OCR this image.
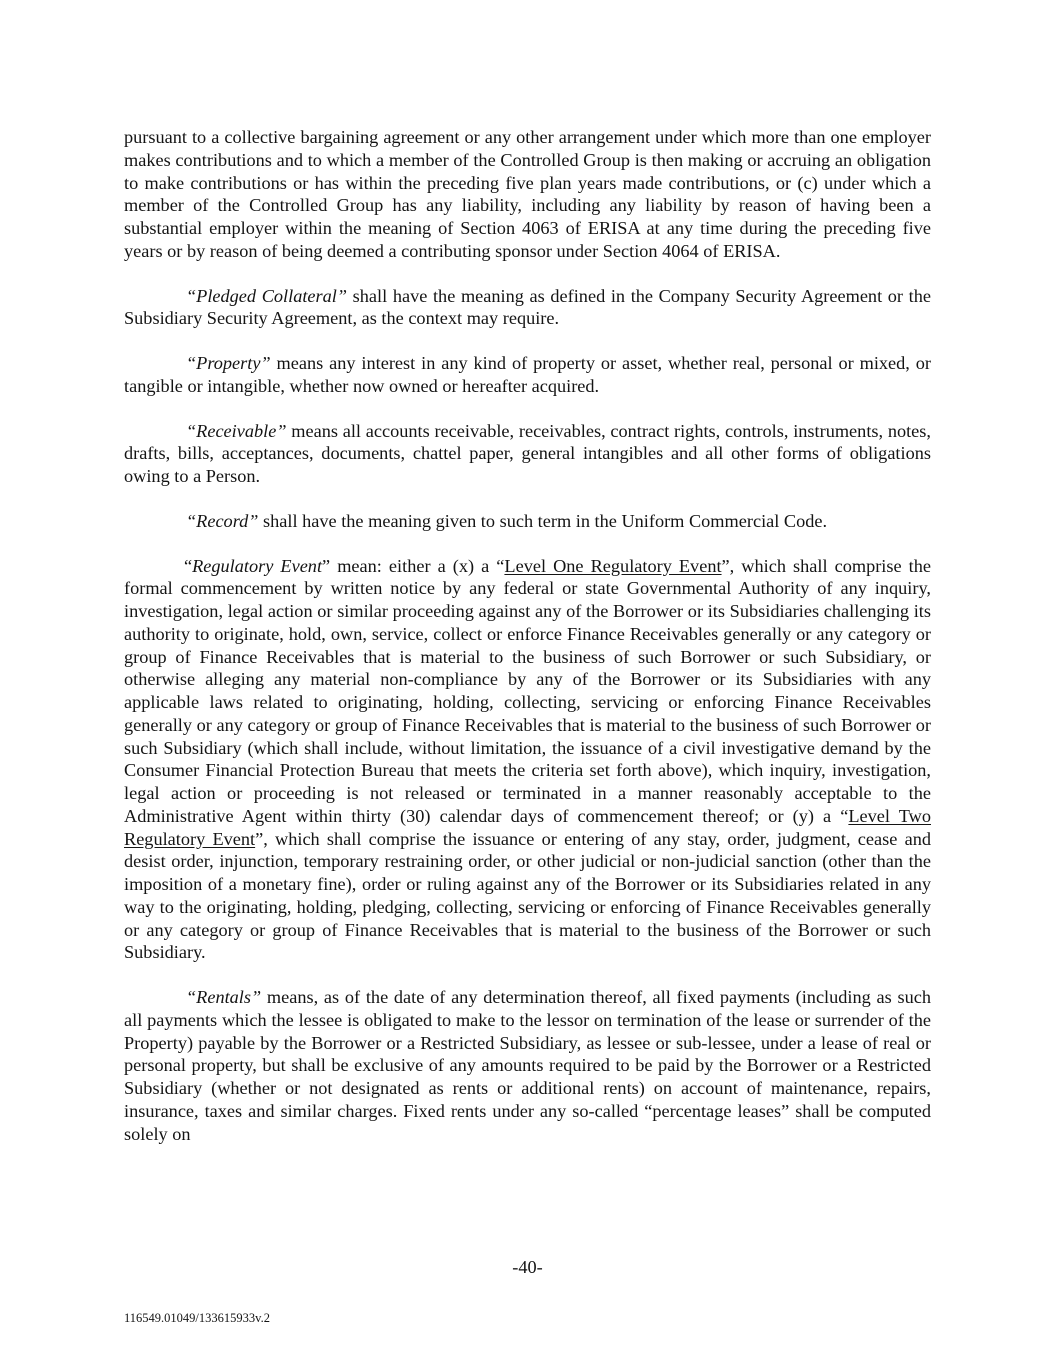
pursuant to a collective bargaining agreement or any other arrangement under which more than one employer makes contributions and to which a member of the Controlled Group is then making or accruing an obligation to make contributions or has within the preceding five plan years made contributions, or (c) under which a member of the Controlled Group has any liability, including any liability by reason of having been a substantial employer within the meaning of Section 4063 of ERISA at any time during the preceding five years or by reason of being deemed a contributing sponsor under Section 4064 of ERISA.

“Pledged Collateral” shall have the meaning as defined in the Company Security Agreement or the Subsidiary Security Agreement, as the context may require.

“Property” means any interest in any kind of property or asset, whether real, personal or mixed, or tangible or intangible, whether now owned or hereafter acquired.

“Receivable” means all accounts receivable, receivables, contract rights, controls, instruments, notes, drafts, bills, acceptances, documents, chattel paper, general intangibles and all other forms of obligations owing to a Person.

“Record” shall have the meaning given to such term in the Uniform Commercial Code.

“Regulatory Event” mean: either a (x) a “Level One Regulatory Event”, which shall comprise the formal commencement by written notice by any federal or state Governmental Authority of any inquiry, investigation, legal action or similar proceeding against any of the Borrower or its Subsidiaries challenging its authority to originate, hold, own, service, collect or enforce Finance Receivables generally or any category or group of Finance Receivables that is material to the business of such Borrower or such Subsidiary, or otherwise alleging any material non-compliance by any of the Borrower or its Subsidiaries with any applicable laws related to originating, holding, collecting, servicing or enforcing Finance Receivables generally or any category or group of Finance Receivables that is material to the business of such Borrower or such Subsidiary (which shall include, without limitation, the issuance of a civil investigative demand by the Consumer Financial Protection Bureau that meets the criteria set forth above), which inquiry, investigation, legal action or proceeding is not released or terminated in a manner reasonably acceptable to the Administrative Agent within thirty (30) calendar days of commencement thereof; or (y) a “Level Two Regulatory Event”, which shall comprise the issuance or entering of any stay, order, judgment, cease and desist order, injunction, temporary restraining order, or other judicial or non-judicial sanction (other than the imposition of a monetary fine), order or ruling against any of the Borrower or its Subsidiaries related in any way to the originating, holding, pledging, collecting, servicing or enforcing of Finance Receivables generally or any category or group of Finance Receivables that is material to the business of the Borrower or such Subsidiary.

“Rentals” means, as of the date of any determination thereof, all fixed payments (including as such all payments which the lessee is obligated to make to the lessor on termination of the lease or surrender of the Property) payable by the Borrower or a Restricted Subsidiary, as lessee or sub-lessee, under a lease of real or personal property, but shall be exclusive of any amounts required to be paid by the Borrower or a Restricted Subsidiary (whether or not designated as rents or additional rents) on account of maintenance, repairs, insurance, taxes and similar charges. Fixed rents under any so-called “percentage leases” shall be computed solely on

-40-
116549.01049/133615933v.2
